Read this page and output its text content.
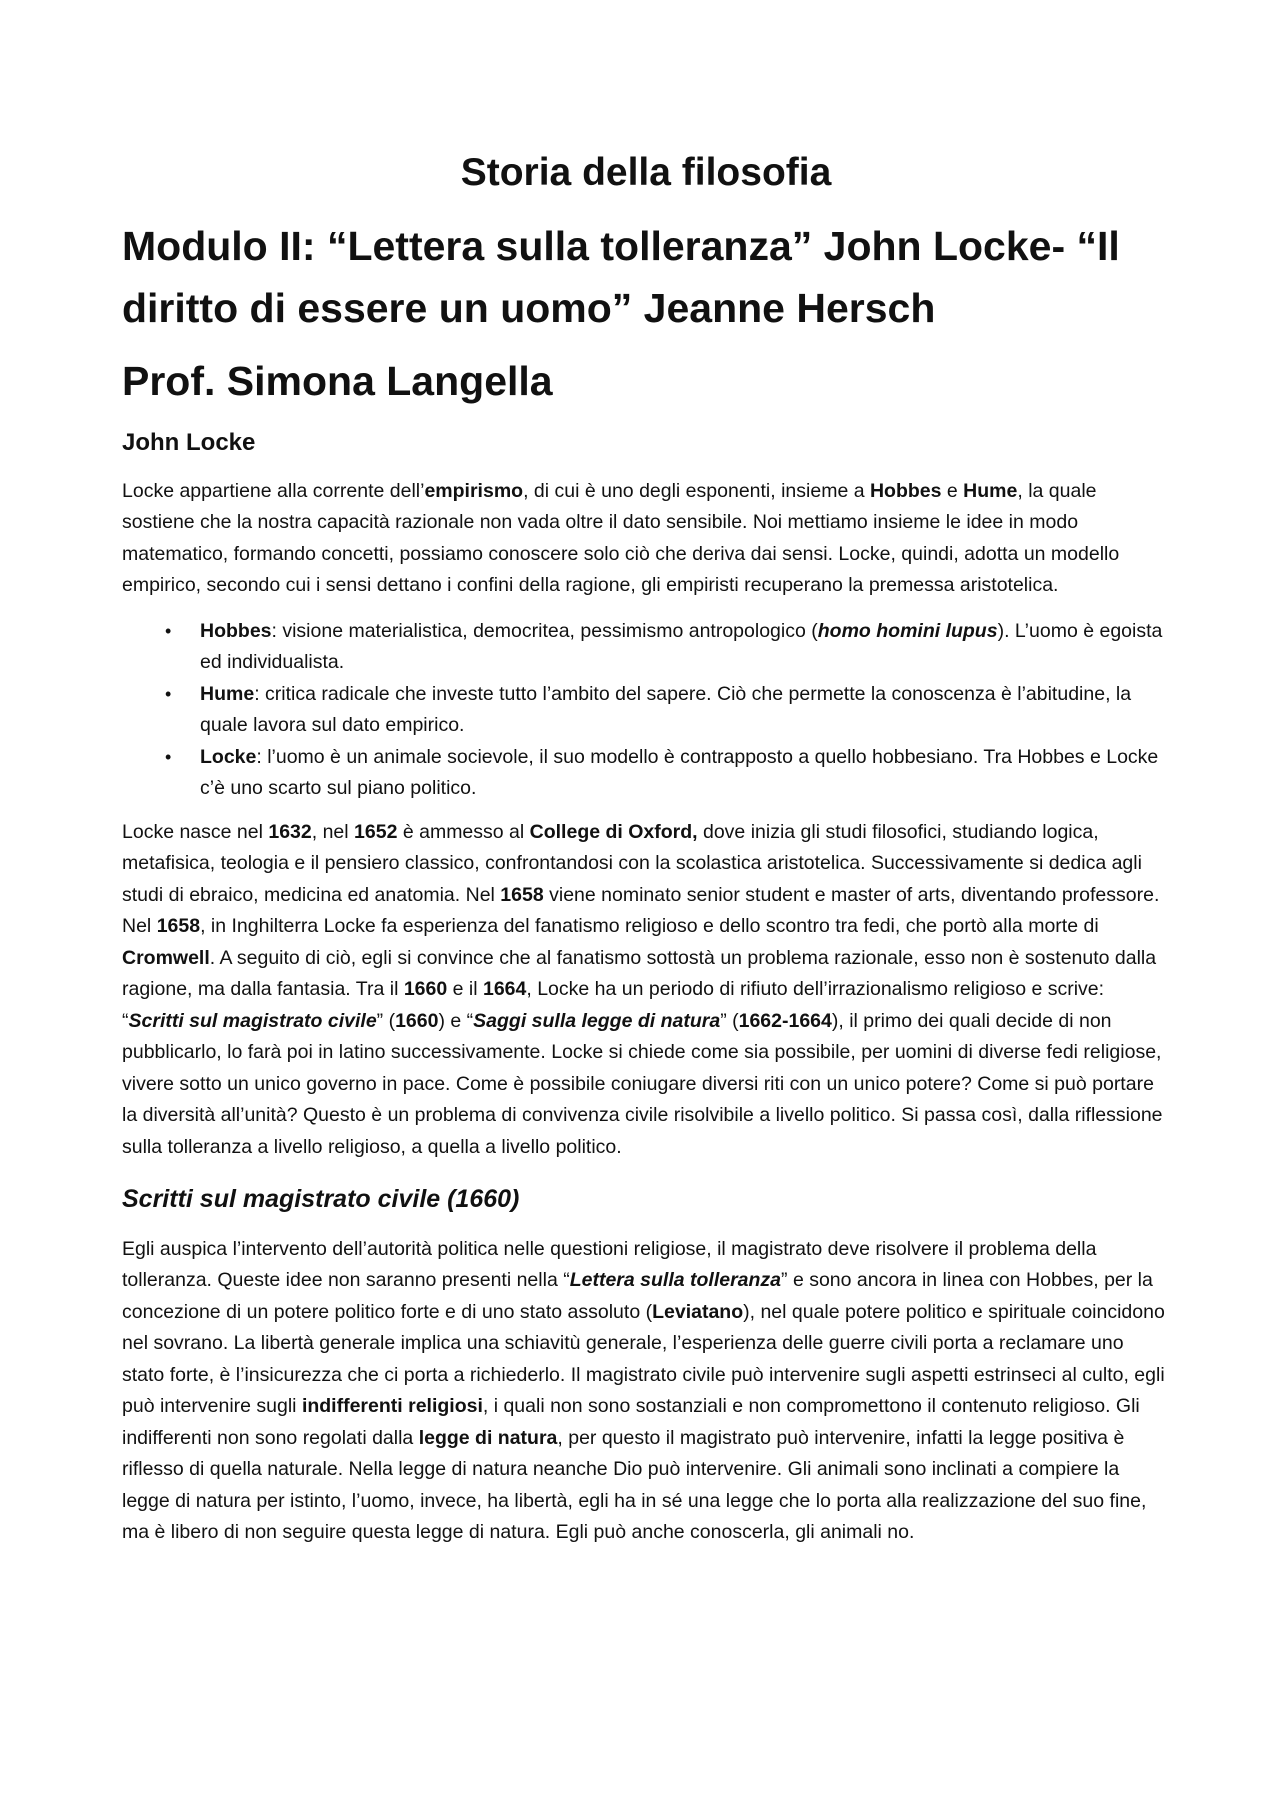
Storia della filosofia
Modulo II: “Lettera sulla tolleranza” John Locke- “Il diritto di essere un uomo” Jeanne Hersch
Prof. Simona Langella
John Locke

Locke appartiene alla corrente dell’empirismo, di cui è uno degli esponenti, insieme a Hobbes e Hume, la quale sostiene che la nostra capacità razionale non vada oltre il dato sensibile. Noi mettiamo insieme le idee in modo matematico, formando concetti, possiamo conoscere solo ciò che deriva dai sensi. Locke, quindi, adotta un modello empirico, secondo cui i sensi dettano i confini della ragione, gli empiristi recuperano la premessa aristotelica.

• Hobbes: visione materialistica, democritea, pessimismo antropologico (homo homini lupus). L’uomo è egoista ed individualista.
• Hume: critica radicale che investe tutto l’ambito del sapere. Ciò che permette la conoscenza è l’abitudine, la quale lavora sul dato empirico.
• Locke: l’uomo è un animale socievole, il suo modello è contrapposto a quello hobbesiano. Tra Hobbes e Locke c’è uno scarto sul piano politico.

Locke nasce nel 1632, nel 1652 è ammesso al College di Oxford, dove inizia gli studi filosofici, studiando logica, metafisica, teologia e il pensiero classico, confrontandosi con la scolastica aristotelica. Successivamente si dedica agli studi di ebraico, medicina ed anatomia. Nel 1658 viene nominato senior student e master of arts, diventando professore. Nel 1658, in Inghilterra Locke fa esperienza del fanatismo religioso e dello scontro tra fedi, che portò alla morte di Cromwell. A seguito di ciò, egli si convince che al fanatismo sottostà un problema razionale, esso non è sostenuto dalla ragione, ma dalla fantasia. Tra il 1660 e il 1664, Locke ha un periodo di rifiuto dell’irrazionalismo religioso e scrive: “Scritti sul magistrato civile” (1660) e “Saggi sulla legge di natura” (1662-1664), il primo dei quali decide di non pubblicarlo, lo farà poi in latino successivamente. Locke si chiede come sia possibile, per uomini di diverse fedi religiose, vivere sotto un unico governo in pace. Come è possibile coniugare diversi riti con un unico potere? Come si può portare la diversità all’unità? Questo è un problema di convivenza civile risolvibile a livello politico. Si passa così, dalla riflessione sulla tolleranza a livello religioso, a quella a livello politico.

Scritti sul magistrato civile (1660)

Egli auspica l’intervento dell’autorità politica nelle questioni religiose, il magistrato deve risolvere il problema della tolleranza. Queste idee non saranno presenti nella “Lettera sulla tolleranza” e sono ancora in linea con Hobbes, per la concezione di un potere politico forte e di uno stato assoluto (Leviatano), nel quale potere politico e spirituale coincidono nel sovrano. La libertà generale implica una schiavitù generale, l’esperienza delle guerre civili porta a reclamare uno stato forte, è l’insicurezza che ci porta a richiederlo. Il magistrato civile può intervenire sugli aspetti estrinseci al culto, egli può intervenire sugli indifferenti religiosi, i quali non sono sostanziali e non compromettono il contenuto religioso. Gli indifferenti non sono regolati dalla legge di natura, per questo il magistrato può intervenire, infatti la legge positiva è riflesso di quella naturale. Nella legge di natura neanche Dio può intervenire. Gli animali sono inclinati a compiere la legge di natura per istinto, l’uomo, invece, ha libertà, egli ha in sé una legge che lo porta alla realizzazione del suo fine, ma è libero di non seguire questa legge di natura. Egli può anche conoscerla, gli animali no.
